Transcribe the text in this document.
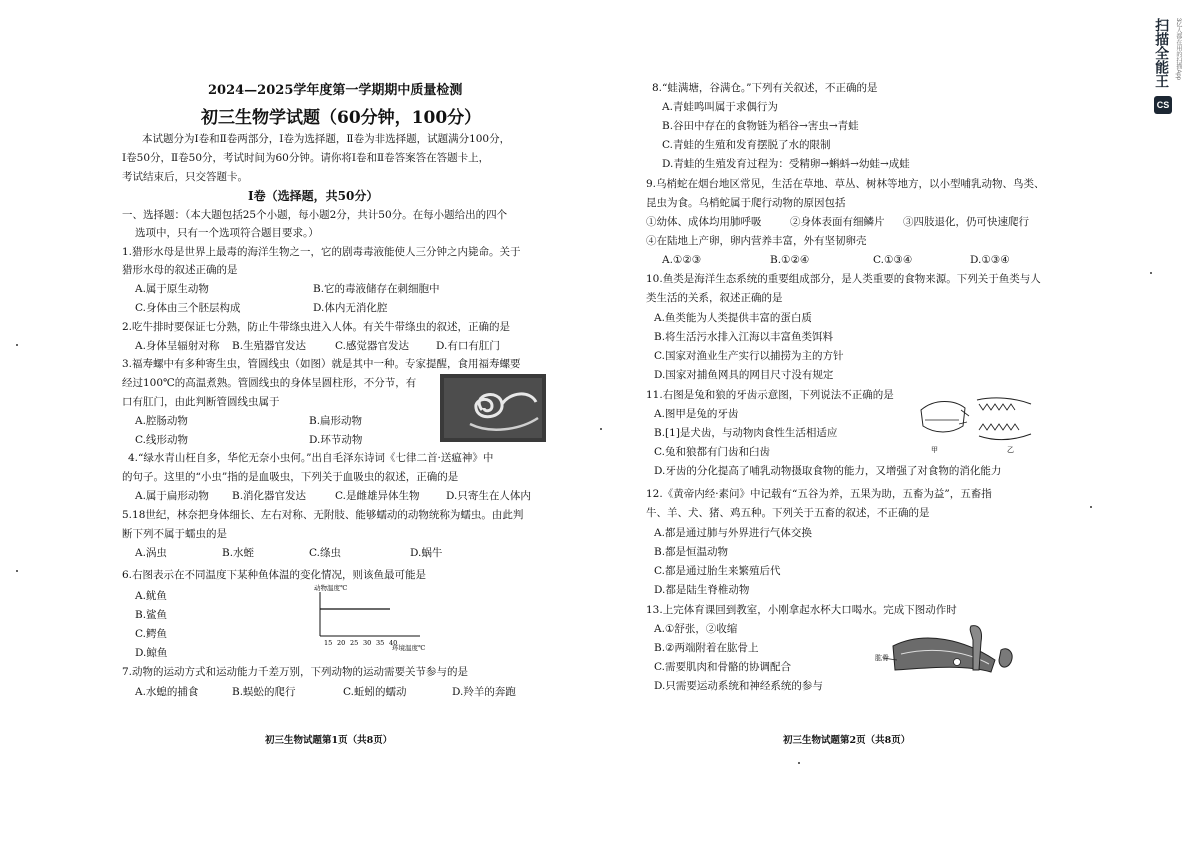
2024—2025学年度第一学期期中质量检测
初三生物学试题（60分钟，100分）
本试题分为Ⅰ卷和Ⅱ卷两部分，Ⅰ卷为选择题，Ⅱ卷为非选择题，试题满分100分，
Ⅰ卷50分，Ⅱ卷50分，考试时间为60分钟。请你将Ⅰ卷和Ⅱ卷答案答在答题卡上，
考试结束后，只交答题卡。
Ⅰ卷（选择题，共50分）
一、选择题：（本大题包括25个小题，每小题2分，共计50分。在每小题给出的四个
选项中，只有一个选项符合题目要求。）
1.猎形水母是世界上最毒的海洋生物之一，它的剧毒毒液能使人三分钟之内毙命。关于
猎形水母的叙述正确的是
A.属于原生动物	B.它的毒液储存在刺细胞中
C.身体由三个胚层构成	D.体内无消化腔
2.吃牛排时要保证七分熟，防止牛带绦虫进入人体。有关牛带绦虫的叙述，正确的是
A.身体呈辐射对称 B.生殖器官发达	C.感觉器官发达	D.有口有肛门
3.福寿螺中有多种寄生虫，管圆线虫（如图）就是其中一种。专家提醒，食用福寿螺要
经过100℃的高温煮熟。管圆线虫的身体呈圆柱形，不分节，有
口有肛门，由此判断管圆线虫属于
A.腔肠动物	B.扁形动物
C.线形动物	D.环节动物
4.“绿水青山枉自多，华佗无奈小虫何。”出自毛泽东诗词《七律二首·送瘟神》中
的句子。这里的“小虫”指的是血吸虫，下列关于血吸虫的叙述，正确的是
A.属于扁形动物 B.消化器官发达	C.是雌雄异体生物	D.只寄生在人体内
5.18世纪，林奈把身体细长、左右对称、无附肢、能够蠕动的动物统称为蠕虫。由此判
断下列不属于蠕虫的是
A.涡虫	B.水蛭	C.绦虫	D.蜗牛
6.右图表示在不同温度下某种鱼体温的变化情况，则该鱼最可能是
A.鱿鱼
B.鲨鱼
C.鳄鱼
D.鲸鱼
动物温度℃
环境温度℃
15 20 25 30 35 40
7.动物的运动方式和运动能力千差万别，下列动物的运动需要关节参与的是
A.水螅的捕食	B.蜈蚣的爬行	C.蚯蚓的蠕动	D.羚羊的奔跑
初三生物试题第1页（共8页）
8.“蛙满塘，谷满仓。”下列有关叙述，不正确的是
A.青蛙鸣叫属于求偶行为
B.谷田中存在的食物链为稻谷→害虫→青蛙
C.青蛙的生殖和发育摆脱了水的限制
D.青蛙的生殖发育过程为：受精卵→蝌蚪→幼蛙→成蛙
9.乌梢蛇在烟台地区常见，生活在草地、草丛、树林等地方，以小型哺乳动物、鸟类、
昆虫为食。乌梢蛇属于爬行动物的原因包括
①幼体、成体均用肺呼吸	②身体表面有细鳞片 ③四肢退化，仍可快速爬行
④在陆地上产卵，卵内营养丰富，外有坚韧卵壳
A.①②③	B.①②④	C.①③④	D.①③④
10.鱼类是海洋生态系统的重要组成部分，是人类重要的食物来源。下列关于鱼类与人
类生活的关系，叙述正确的是
A.鱼类能为人类提供丰富的蛋白质
B.将生活污水排入江海以丰富鱼类饵料
C.国家对渔业生产实行以捕捞为主的方针
D.国家对捕鱼网具的网目尺寸没有规定
11.右图是兔和狼的牙齿示意图，下列说法不正确的是
A.图甲是兔的牙齿
B.[1]是犬齿，与动物肉食性生活相适应
C.兔和狼都有门齿和臼齿
D.牙齿的分化提高了哺乳动物摄取食物的能力，又增强了对食物的消化能力
甲	乙
12.《黄帝内经·素问》中记载有“五谷为养，五果为助，五畜为益”，五畜指
牛、羊、犬、猪、鸡五种。下列关于五畜的叙述，不正确的是
A.都是通过肺与外界进行气体交换
B.都是恒温动物
C.都是通过胎生来繁殖后代
D.都是陆生脊椎动物
13.上完体育课回到教室，小刚拿起水杯大口喝水。完成下图动作时
A.①舒张，②收缩
B.②两端附着在肱骨上
C.需要肌肉和骨骼的协调配合
D.只需要运动系统和神经系统的参与
肱骨
初三生物试题第2页（共8页）
CS
扫描全能王 3亿人都在用的扫描App
